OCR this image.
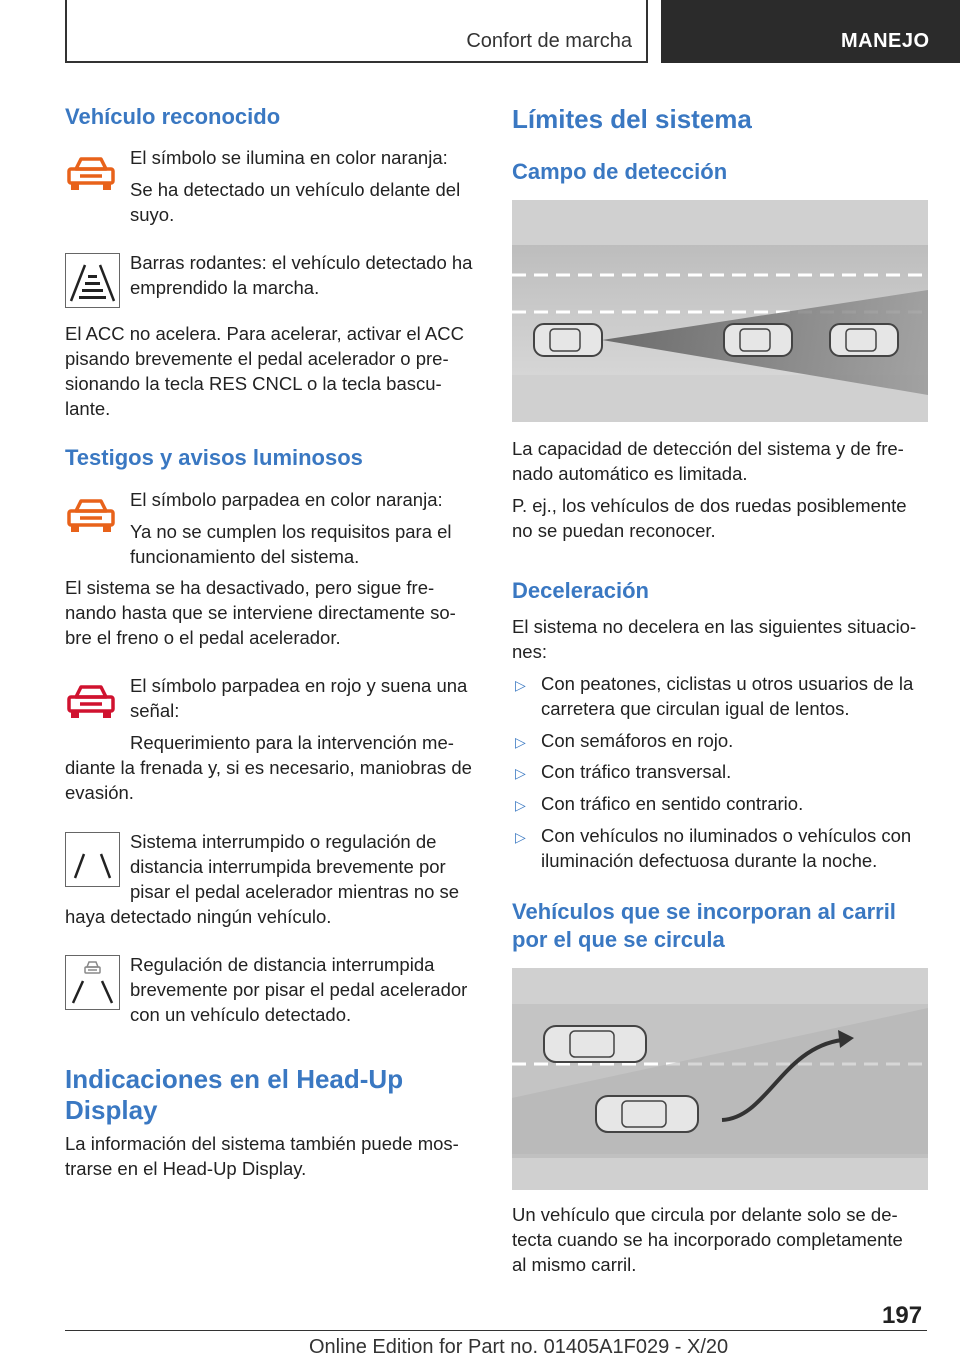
Confort de marcha	MANEJO
Vehículo reconocido
El símbolo se ilumina en color naranja:
Se ha detectado un vehículo delante del
suyo.
Barras rodantes: el vehículo detectado ha
emprendido la marcha.
El ACC no acelera. Para acelerar, activar el ACC
pisando brevemente el pedal acelerador o pre-
sionando la tecla RES CNCL o la tecla bascu-
lante.
Testigos y avisos luminosos
El símbolo parpadea en color naranja:
Ya no se cumplen los requisitos para el
funcionamiento del sistema.
El sistema se ha desactivado, pero sigue fre-
nando hasta que se interviene directamente so-
bre el freno o el pedal acelerador.
El símbolo parpadea en rojo y suena una
señal:
Requerimiento para la intervención me-
diante la frenada y, si es necesario, maniobras de
evasión.
Sistema interrumpido o regulación de
distancia interrumpida brevemente por
pisar el pedal acelerador mientras no se
haya detectado ningún vehículo.
Regulación de distancia interrumpida
brevemente por pisar el pedal acelerador
con un vehículo detectado.
Indicaciones en el Head-Up
Display
La información del sistema también puede mos-
trarse en el Head-Up Display.
Límites del sistema
Campo de detección
La capacidad de detección del sistema y de fre-
nado automático es limitada.
P. ej., los vehículos de dos ruedas posiblemente
no se puedan reconocer.
Deceleración
El sistema no decelera en las siguientes situacio-
nes:
▷ Con peatones, ciclistas u otros usuarios de la
carretera que circulan igual de lentos.
▷ Con semáforos en rojo.
▷ Con tráfico transversal.
▷ Con tráfico en sentido contrario.
▷ Con vehículos no iluminados o vehículos con
iluminación defectuosa durante la noche.
Vehículos que se incorporan al carril
por el que se circula
Un vehículo que circula por delante solo se de-
tecta cuando se ha incorporado completamente
al mismo carril.
197
Online Edition for Part no. 01405A1F029 - X/20
